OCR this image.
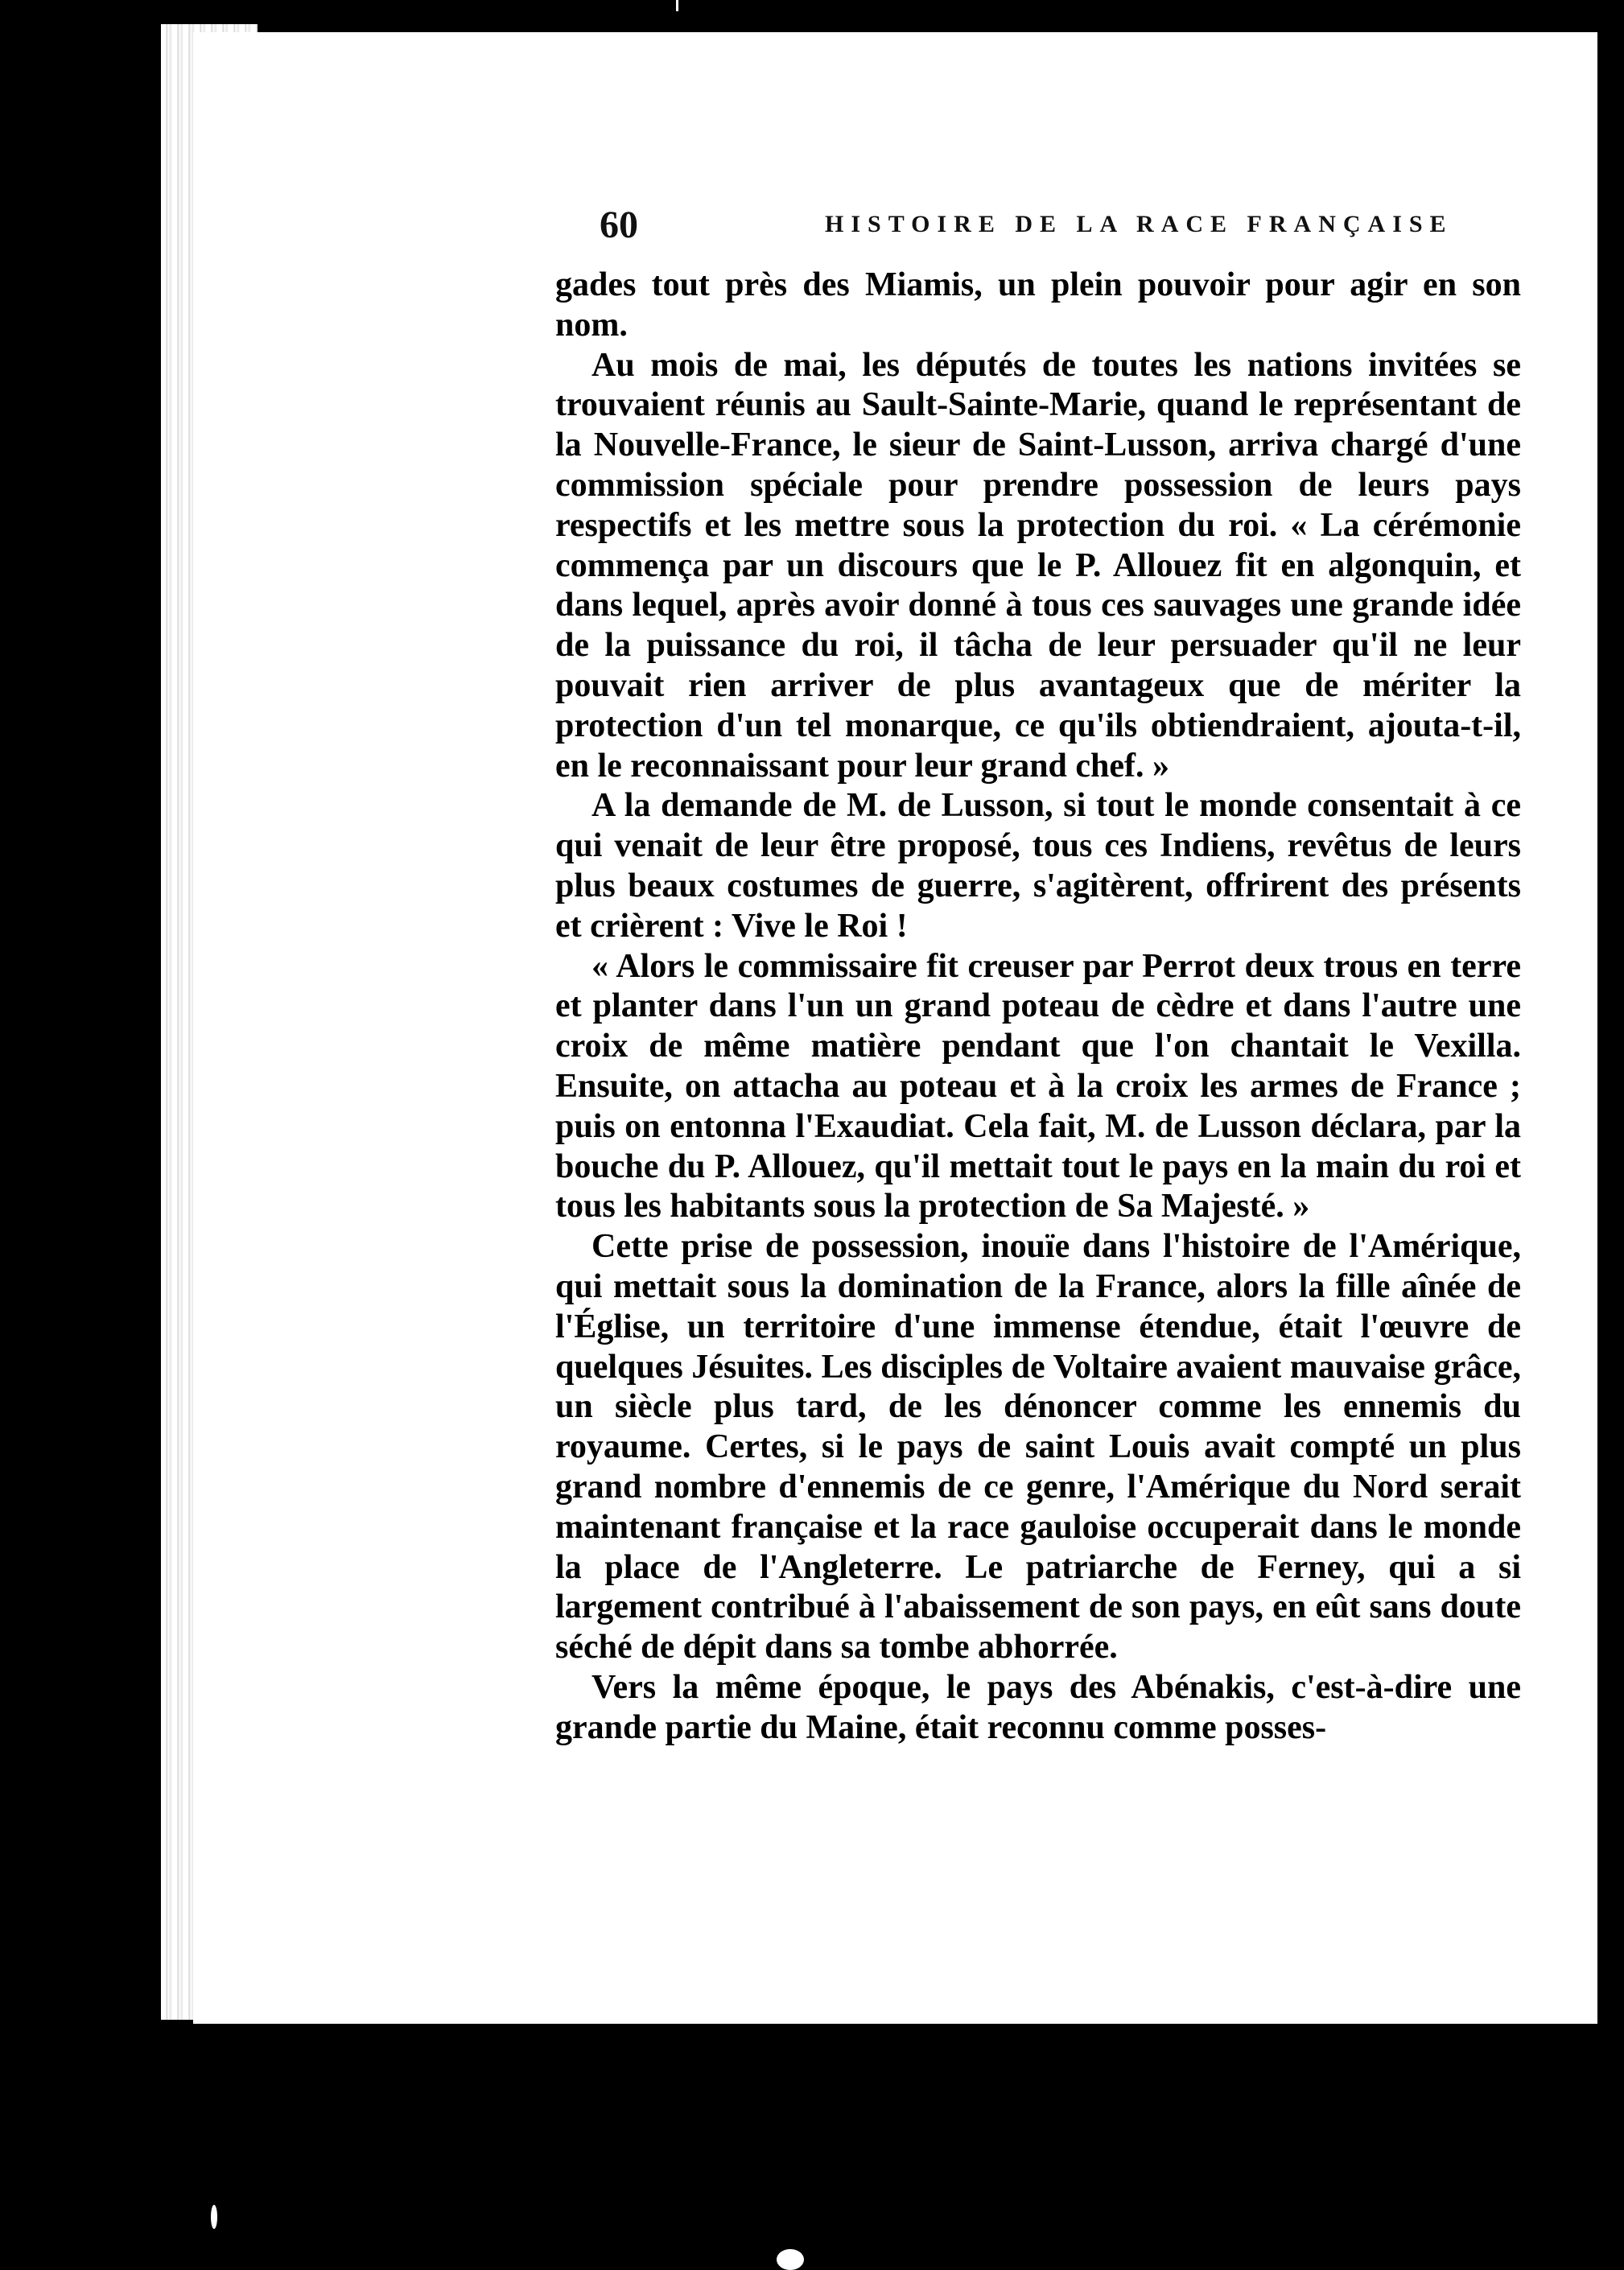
60	HISTOIRE DE LA RACE FRANÇAISE

gades tout près des Miamis, un plein pouvoir pour agir en son nom.

Au mois de mai, les députés de toutes les nations invitées se trouvaient réunis au Sault-Sainte-Marie, quand le représentant de la Nouvelle-France, le sieur de Saint-Lusson, arriva chargé d'une commission spéciale pour prendre possession de leurs pays respectifs et les mettre sous la protection du roi. « La cérémonie commença par un discours que le P. Allouez fit en algonquin, et dans lequel, après avoir donné à tous ces sauvages une grande idée de la puissance du roi, il tâcha de leur persuader qu'il ne leur pouvait rien arriver de plus avantageux que de mériter la protection d'un tel monarque, ce qu'ils obtiendraient, ajouta-t-il, en le reconnaissant pour leur grand chef. »

A la demande de M. de Lusson, si tout le monde consentait à ce qui venait de leur être proposé, tous ces Indiens, revêtus de leurs plus beaux costumes de guerre, s'agitèrent, offrirent des présents et crièrent : Vive le Roi !

« Alors le commissaire fit creuser par Perrot deux trous en terre et planter dans l'un un grand poteau de cèdre et dans l'autre une croix de même matière pendant que l'on chantait le Vexilla. Ensuite, on attacha au poteau et à la croix les armes de France ; puis on entonna l'Exaudiat. Cela fait, M. de Lusson déclara, par la bouche du P. Allouez, qu'il mettait tout le pays en la main du roi et tous les habitants sous la protection de Sa Majesté. »

Cette prise de possession, inouïe dans l'histoire de l'Amérique, qui mettait sous la domination de la France, alors la fille aînée de l'Église, un territoire d'une immense étendue, était l'œuvre de quelques Jésuites. Les disciples de Voltaire avaient mauvaise grâce, un siècle plus tard, de les dénoncer comme les ennemis du royaume. Certes, si le pays de saint Louis avait compté un plus grand nombre d'ennemis de ce genre, l'Amérique du Nord serait maintenant française et la race gauloise occuperait dans le monde la place de l'Angleterre. Le patriarche de Ferney, qui a si largement contribué à l'abaissement de son pays, en eût sans doute séché de dépit dans sa tombe abhorrée.

Vers la même époque, le pays des Abénakis, c'est-à-dire une grande partie du Maine, était reconnu comme posses-
